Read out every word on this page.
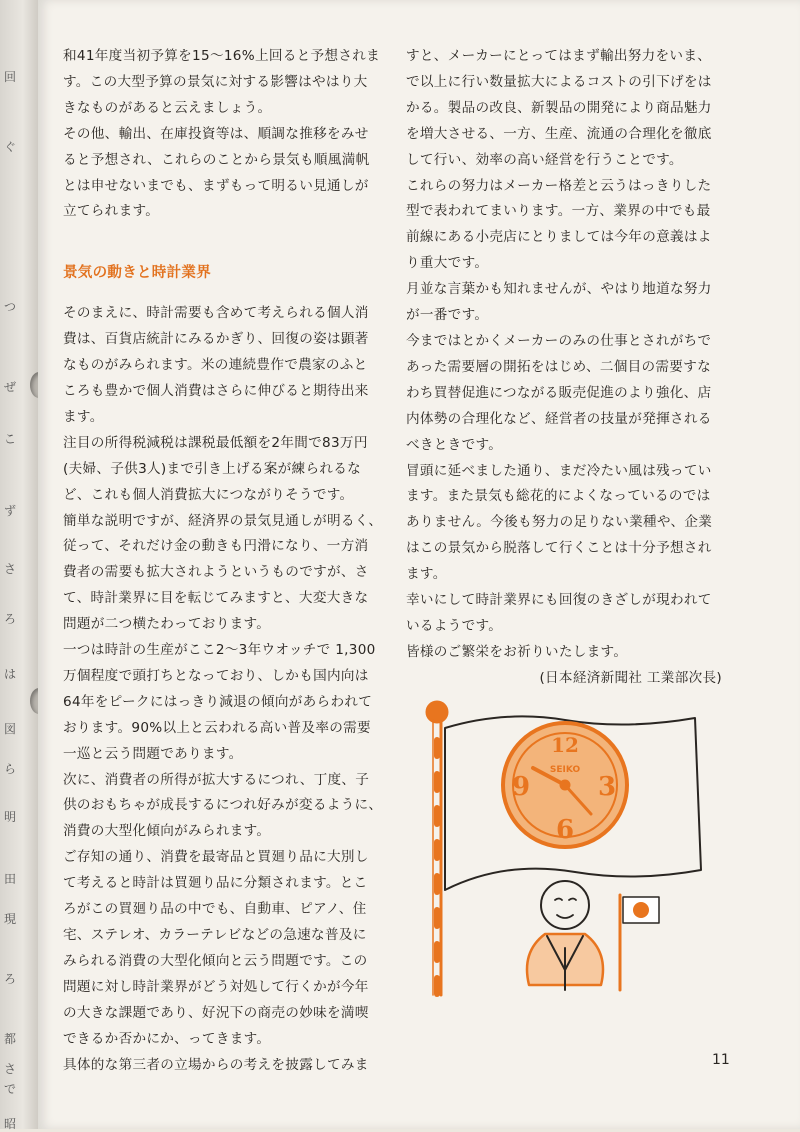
回
ぐ
つ
ぜ
こ
ず
さ
ろ
は
図
ら
明
田
現
ろ
都
さ
で
昭

和41年度当初予算を15〜16%上回ると予想されま
す。この大型予算の景気に対する影響はやはり大
きなものがあると云えましょう。

その他、輸出、在庫投資等は、順調な推移をみせ
ると予想され、これらのことから景気も順風満帆
とは申せないまでも、まずもって明るい見通しが
立てられます。

景気の動きと時計業界

そのまえに、時計需要も含めて考えられる個人消
費は、百貨店統計にみるかぎり、回復の姿は顕著
なものがみられます。米の連続豊作で農家のふと
ころも豊かで個人消費はさらに伸びると期待出来
ます。

注目の所得税減税は課税最低額を2年間で83万円
(夫婦、子供3人)まで引き上げる案が練られるな
ど、これも個人消費拡大につながりそうです。

簡単な説明ですが、経済界の景気見通しが明るく、
従って、それだけ金の動きも円滑になり、一方消
費者の需要も拡大されようというものですが、さ
て、時計業界に目を転じてみますと、大変大きな
問題が二つ横たわっております。

一つは時計の生産がここ2〜3年ウオッチで 1,300
万個程度で頭打ちとなっており、しかも国内向は
64年をピークにはっきり減退の傾向があらわれて
おります。90%以上と云われる高い普及率の需要
一巡と云う問題であります。

次に、消費者の所得が拡大するにつれ、丁度、子
供のおもちゃが成長するにつれ好みが変るように、
消費の大型化傾向がみられます。

ご存知の通り、消費を最寄品と買廻り品に大別し
て考えると時計は買廻り品に分類されます。とこ
ろがこの買廻り品の中でも、自動車、ピアノ、住
宅、ステレオ、カラーテレビなどの急速な普及に
みられる消費の大型化傾向と云う問題です。この
問題に対し時計業界がどう対処して行くかが今年
の大きな課題であり、好況下の商売の妙味を満喫
できるか否かにか、ってきます。

具体的な第三者の立場からの考えを披露してみま

すと、メーカーにとってはまず輸出努力をいま、
で以上に行い数量拡大によるコストの引下げをは
かる。製品の改良、新製品の開発により商品魅力
を増大させる、一方、生産、流通の合理化を徹底
して行い、効率の高い経営を行うことです。

これらの努力はメーカー格差と云うはっきりした
型で表われてまいります。一方、業界の中でも最
前線にある小売店にとりましては今年の意義はよ
り重大です。

月並な言葉かも知れませんが、やはり地道な努力
が一番です。

今まではとかくメーカーのみの仕事とされがちで
あった需要層の開拓をはじめ、二個目の需要すな
わち買替促進につながる販売促進のより強化、店
内体勢の合理化など、経営者の技量が発揮される
べきときです。

冒頭に延べました通り、まだ冷たい風は残ってい
ます。また景気も総花的によくなっているのでは
ありません。今後も努力の足りない業種や、企業
はこの景気から脱落して行くことは十分予想され
ます。

幸いにして時計業界にも回復のきざしが現われて
いるようです。

皆様のご繁栄をお祈りいたします。

(日本経済新聞社 工業部次長)

12
3
6
9
SEIKO
11
